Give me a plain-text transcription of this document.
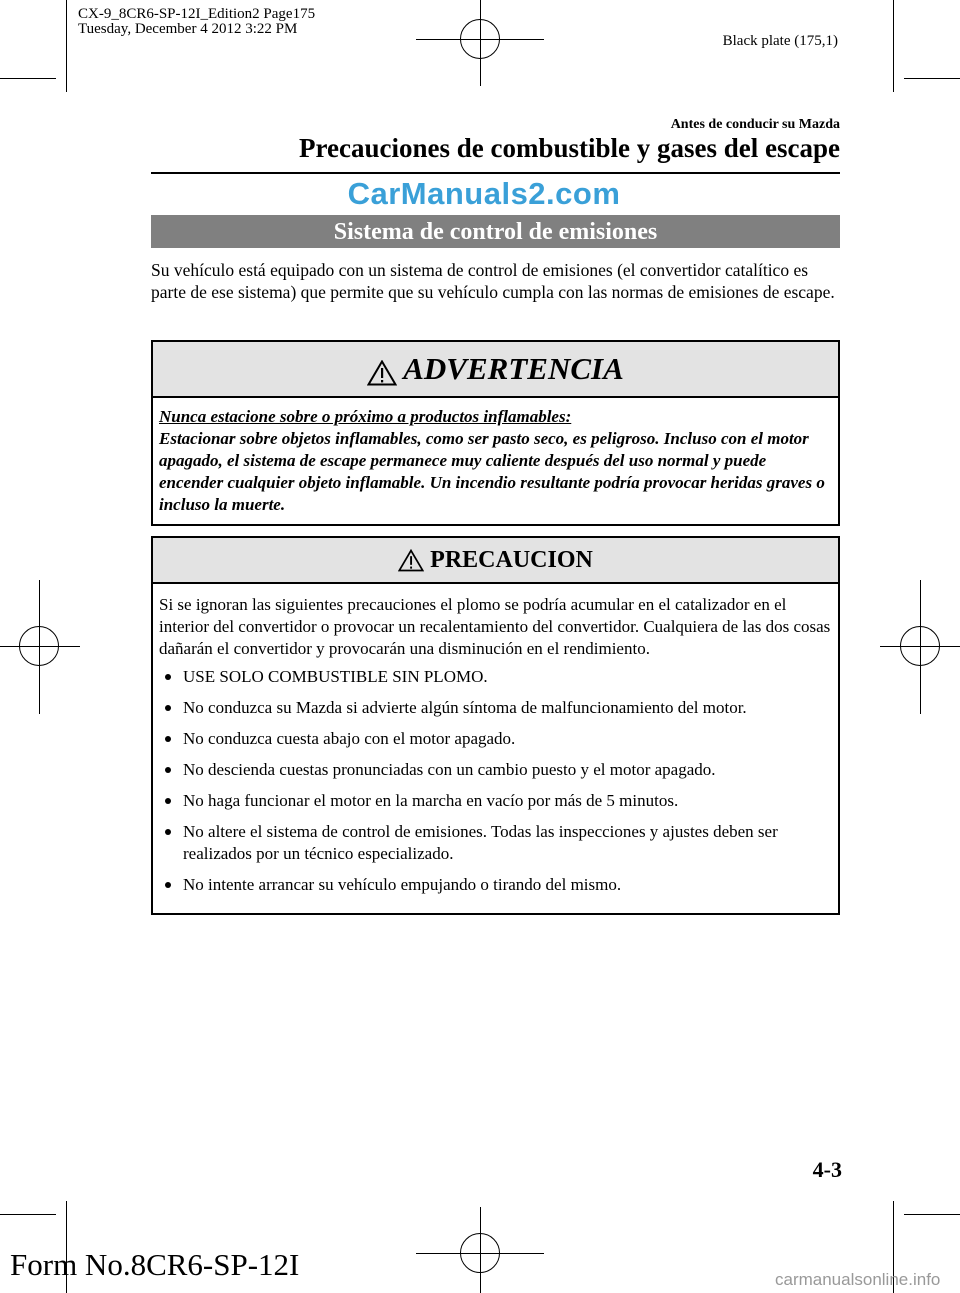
CX-9_8CR6-SP-12I_Edition2 Page175
Tuesday, December 4 2012 3:22 PM
Black plate (175,1)
Antes de conducir su Mazda
Precauciones de combustible y gases del escape
CarManuals2.com
Sistema de control de emisiones
Su vehículo está equipado con un sistema de control de emisiones (el convertidor catalítico es parte de ese sistema) que permite que su vehículo cumpla con las normas de emisiones de escape.
ADVERTENCIA
Nunca estacione sobre o próximo a productos inflamables:
Estacionar sobre objetos inflamables, como ser pasto seco, es peligroso. Incluso con el motor apagado, el sistema de escape permanece muy caliente después del uso normal y puede encender cualquier objeto inflamable. Un incendio resultante podría provocar heridas graves o incluso la muerte.
PRECAUCION
Si se ignoran las siguientes precauciones el plomo se podría acumular en el catalizador en el interior del convertidor o provocar un recalentamiento del convertidor. Cualquiera de las dos cosas dañarán el convertidor y provocarán una disminución en el rendimiento.
USE SOLO COMBUSTIBLE SIN PLOMO.
No conduzca su Mazda si advierte algún síntoma de malfuncionamiento del motor.
No conduzca cuesta abajo con el motor apagado.
No descienda cuestas pronunciadas con un cambio puesto y el motor apagado.
No haga funcionar el motor en la marcha en vacío por más de 5 minutos.
No altere el sistema de control de emisiones. Todas las inspecciones y ajustes deben ser realizados por un técnico especializado.
No intente arrancar su vehículo empujando o tirando del mismo.
4-3
Form No.8CR6-SP-12I	carmanualsonline.info
